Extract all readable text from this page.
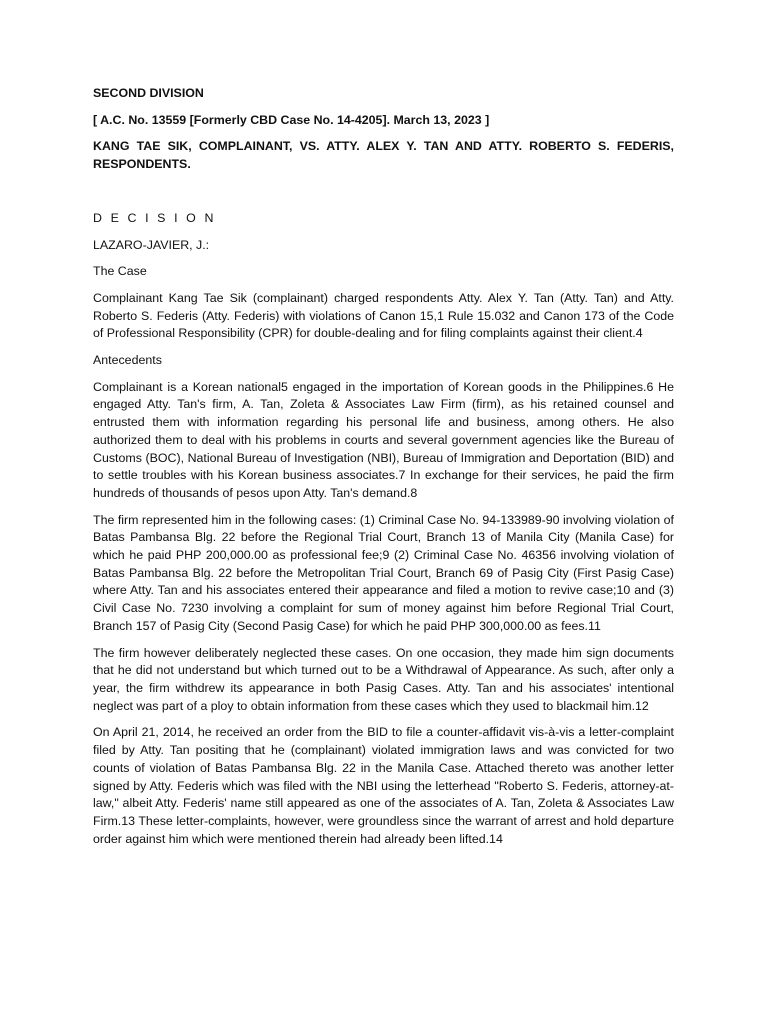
SECOND DIVISION
[ A.C. No. 13559 [Formerly CBD Case No. 14-4205]. March 13, 2023 ]
KANG TAE SIK, COMPLAINANT, VS. ATTY. ALEX Y. TAN AND ATTY. ROBERTO S. FEDERIS, RESPONDENTS.
D E C I S I O N
LAZARO-JAVIER, J.:
The Case

Complainant Kang Tae Sik (complainant) charged respondents Atty. Alex Y. Tan (Atty. Tan) and Atty. Roberto S. Federis (Atty. Federis) with violations of Canon 15,1 Rule 15.032 and Canon 173 of the Code of Professional Responsibility (CPR) for double-dealing and for filing complaints against their client.4

Antecedents

Complainant is a Korean national5 engaged in the importation of Korean goods in the Philippines.6 He engaged Atty. Tan's firm, A. Tan, Zoleta & Associates Law Firm (firm), as his retained counsel and entrusted them with information regarding his personal life and business, among others. He also authorized them to deal with his problems in courts and several government agencies like the Bureau of Customs (BOC), National Bureau of Investigation (NBI), Bureau of Immigration and Deportation (BID) and to settle troubles with his Korean business associates.7 In exchange for their services, he paid the firm hundreds of thousands of pesos upon Atty. Tan's demand.8

The firm represented him in the following cases: (1) Criminal Case No. 94-133989-90 involving violation of Batas Pambansa Blg. 22 before the Regional Trial Court, Branch 13 of Manila City (Manila Case) for which he paid PHP 200,000.00 as professional fee;9 (2) Criminal Case No. 46356 involving violation of Batas Pambansa Blg. 22 before the Metropolitan Trial Court, Branch 69 of Pasig City (First Pasig Case) where Atty. Tan and his associates entered their appearance and filed a motion to revive case;10 and (3) Civil Case No. 7230 involving a complaint for sum of money against him before Regional Trial Court, Branch 157 of Pasig City (Second Pasig Case) for which he paid PHP 300,000.00 as fees.11

The firm however deliberately neglected these cases. On one occasion, they made him sign documents that he did not understand but which turned out to be a Withdrawal of Appearance. As such, after only a year, the firm withdrew its appearance in both Pasig Cases. Atty. Tan and his associates' intentional neglect was part of a ploy to obtain information from these cases which they used to blackmail him.12

On April 21, 2014, he received an order from the BID to file a counter-affidavit vis-à-vis a letter-complaint filed by Atty. Tan positing that he (complainant) violated immigration laws and was convicted for two counts of violation of Batas Pambansa Blg. 22 in the Manila Case. Attached thereto was another letter signed by Atty. Federis which was filed with the NBI using the letterhead "Roberto S. Federis, attorney-at-law," albeit Atty. Federis' name still appeared as one of the associates of A. Tan, Zoleta & Associates Law Firm.13 These letter-complaints, however, were groundless since the warrant of arrest and hold departure order against him which were mentioned therein had already been lifted.14
